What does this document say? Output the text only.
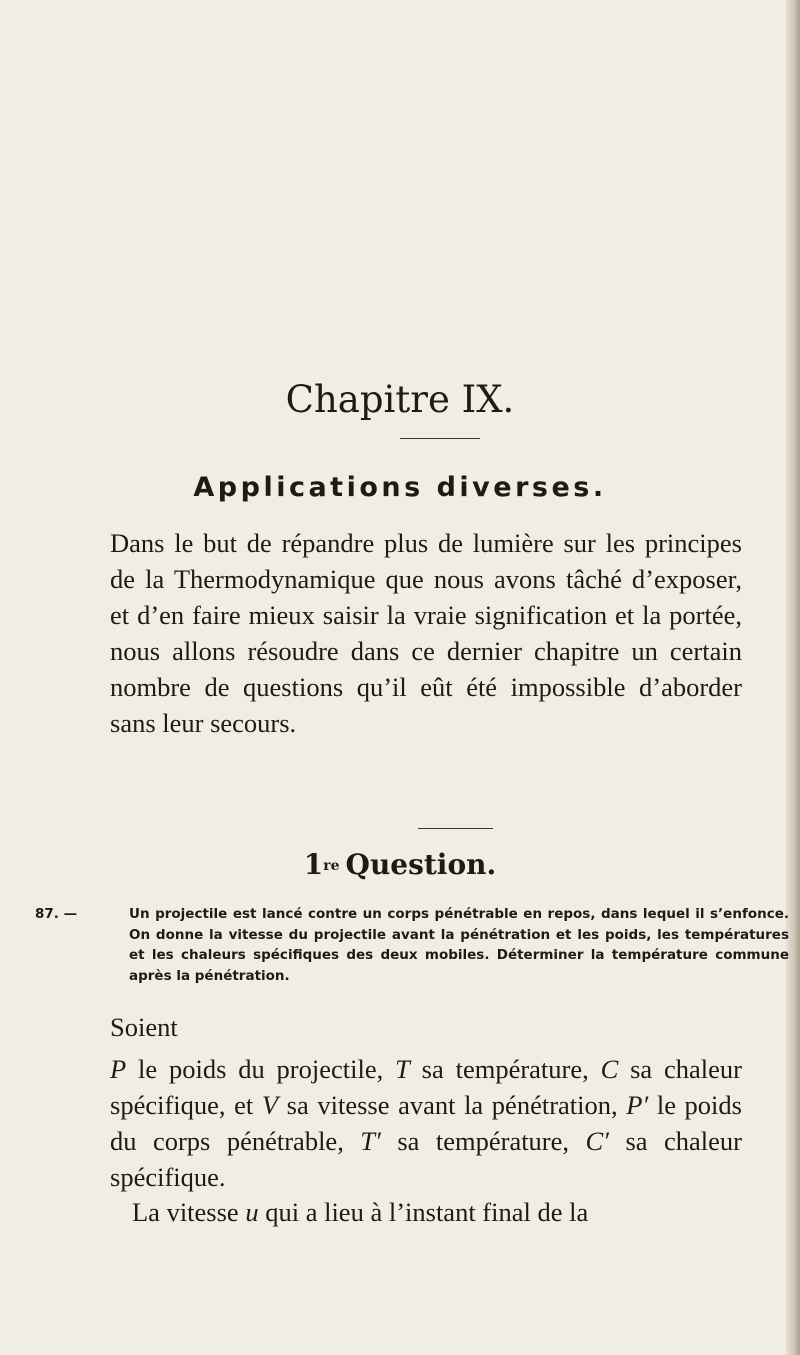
Chapitre IX.
Applications diverses.

Dans le but de répandre plus de lumière sur les principes de la Thermodynamique que nous avons tâché d’exposer, et d’en faire mieux saisir la vraie signification et la portée, nous allons résoudre dans ce dernier chapitre un certain nombre de questions qu’il eût été impossible d’aborder sans leur secours.

1re Question.

87. —	Un projectile est lancé contre un corps pénétrable en repos, dans lequel il s’enfonce. On donne la vitesse du projectile avant la pénétration et les poids, les températures et les chaleurs spécifiques des deux mobiles. Déterminer la température commune après la pénétration.

Soient

P le poids du projectile, T sa température, C sa chaleur spécifique, et V sa vitesse avant la pénétration, P′ le poids du corps pénétrable, T′ sa température, C′ sa chaleur spécifique.

La vitesse u qui a lieu à l’instant final de la
